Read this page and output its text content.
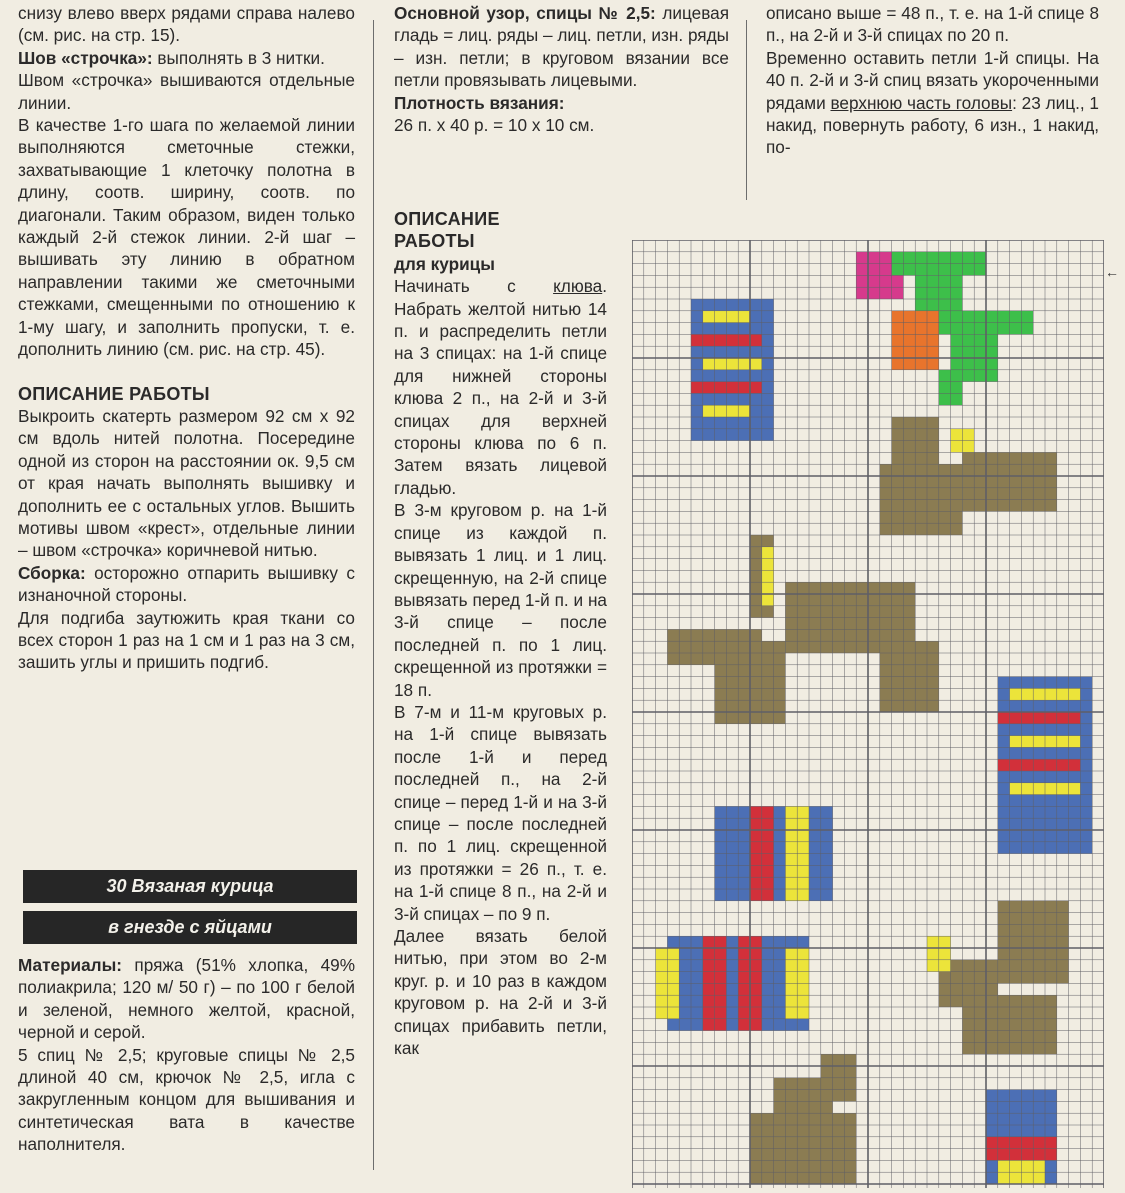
снизу влево вверх рядами справа налево (см. рис. на стр. 15).

Шов «строчка»: выполнять в 3 нитки.

Швом «строчка» вышиваются отдельные линии.

В качестве 1-го шага по желаемой линии выполняются сметочные стежки, захватывающие 1 клеточку полотна в длину, соотв. ширину, соотв. по диагонали. Таким образом, виден только каждый 2-й стежок линии. 2-й шаг – вышивать эту линию в обратном направлении такими же сметочными стежками, смещенными по отношению к 1-му шагу, и заполнить пропуски, т. е. дополнить линию (см. рис. на стр. 45).

ОПИСАНИЕ РАБОТЫ

Выкроить скатерть размером 92 см х 92 см вдоль нитей полотна. Посередине одной из сторон на расстоянии ок. 9,5 см от края начать выполнять вышивку и дополнить ее с остальных углов. Вышить мотивы швом «крест», отдельные линии – швом «строчка» коричневой нитью.

Сборка: осторожно отпарить вышивку с изнаночной стороны.

Для подгиба заутюжить края ткани со всех сторон 1 раз на 1 см и 1 раз на 3 см, зашить углы и пришить подгиб.

30 Вязаная курица
в гнезде с яйцами

Материалы: пряжа (51% хлопка, 49% полиакрила; 120 м/ 50 г) – по 100 г белой и зеленой, немного желтой, красной, черной и серой.

5 спиц № 2,5; круговые спицы № 2,5 длиной 40 см, крючок № 2,5, игла с закругленным концом для вышивания и синтетическая вата в качестве наполнителя.

Основной узор, спицы № 2,5: лицевая гладь = лиц. ряды – лиц. петли, изн. ряды – изн. петли; в круговом вязании все петли провязывать лицевыми.

Плотность вязания:

26 п. x 40 р. = 10 x 10 см.

ОПИСАНИЕ

РАБОТЫ

для курицы

Начинать с клюва. Набрать желтой нитью 14 п. и распределить петли на 3 спицах: на 1-й спице для нижней стороны клюва 2 п., на 2-й и 3-й спицах для верхней стороны клюва по 6 п. Затем вязать лицевой гладью.

В 3-м круговом р. на 1-й спице из каждой п. вывязать 1 лиц. и 1 лиц. скрещенную, на 2-й спице вывязать перед 1-й п. и на 3-й спице – после последней п. по 1 лиц. скрещенной из протяжки = 18 п.

В 7-м и 11-м круговых р. на 1-й спице вывязать после 1-й и перед последней п., на 2-й спице – перед 1-й и на 3-й спице – после последней п. по 1 лиц. скрещенной из протяжки = 26 п., т. е. на 1-й спице 8 п., на 2-й и 3-й спицах – по 9 п.

Далее вязать белой нитью, при этом во 2-м круг. р. и 10 раз в каждом круговом р. на 2-й и 3-й спицах прибавить петли, как

описано выше = 48 п., т. е. на 1-й спице 8 п., на 2-й и 3-й спицах по 20 п.

Временно оставить петли 1-й спицы. На 40 п. 2-й и 3-й спиц вязать укороченными рядами верхнюю часть головы: 23 лиц., 1 накид, повернуть работу, 6 изн., 1 накид, по-

←
